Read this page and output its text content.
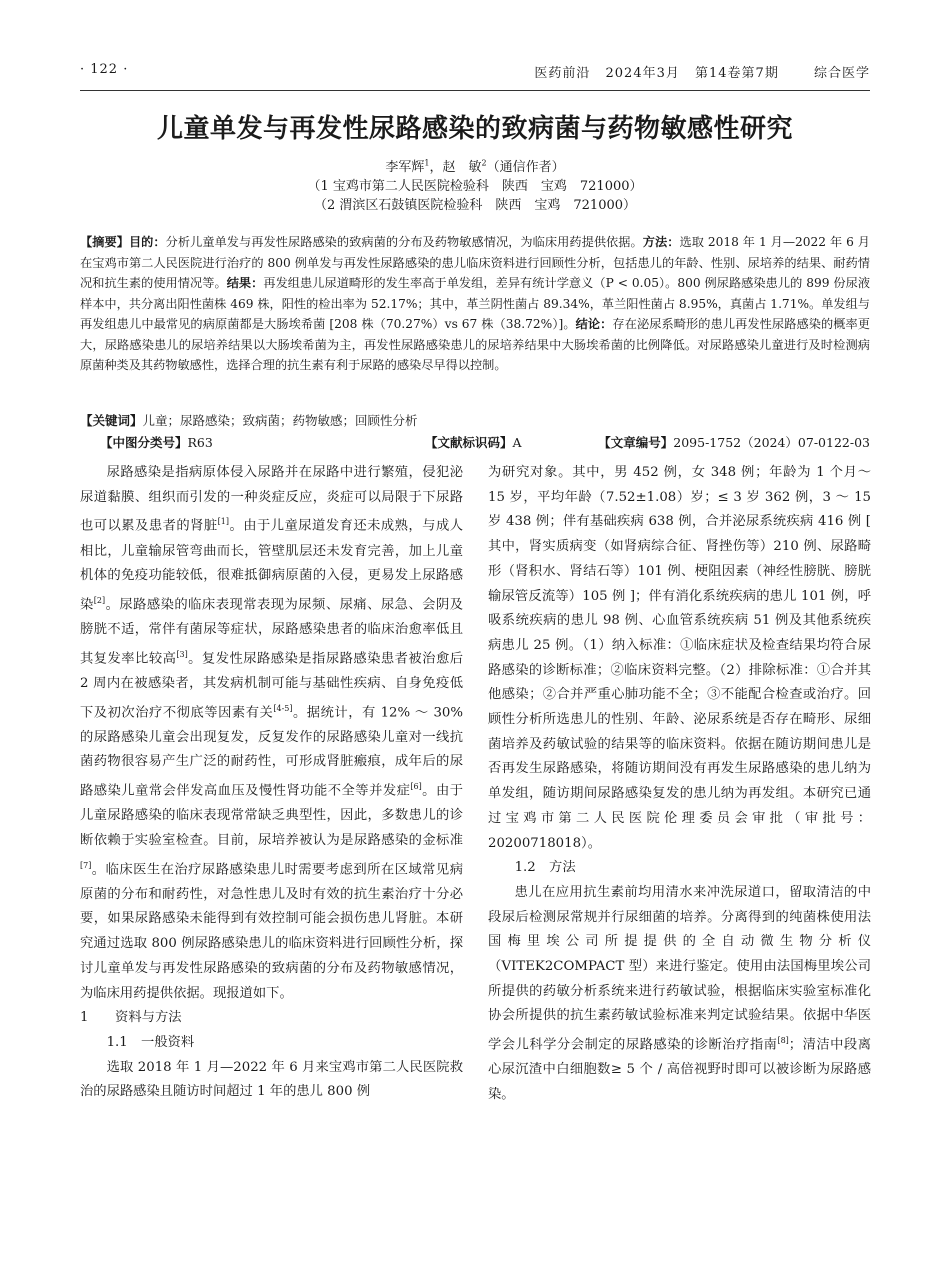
· 122 ·	医药前沿 2024年3月 第14卷第7期	综合医学
儿童单发与再发性尿路感染的致病菌与药物敏感性研究
李军辉$^1$，赵　敏$^2$（通信作者）
（1 宝鸡市第二人民医院检验科　陕西　宝鸡　721000）
（2 渭滨区石鼓镇医院检验科　陕西　宝鸡　721000）
【摘要】目的：分析儿童单发与再发性尿路感染的致病菌的分布及药物敏感情况，为临床用药提供依据。方法：选取 2018 年 1 月—2022 年 6 月在宝鸡市第二人民医院进行治疗的 800 例单发与再发性尿路感染的患儿临床资料进行回顾性分析，包括患儿的年龄、性别、尿培养的结果、耐药情况和抗生素的使用情况等。结果：再发组患儿尿道畸形的发生率高于单发组，差异有统计学意义（P < 0.05）。800 例尿路感染患儿的 899 份尿液样本中，共分离出阳性菌株 469 株，阳性的检出率为 52.17%；其中，革兰阴性菌占 89.34%，革兰阳性菌占 8.95%，真菌占 1.71%。单发组与再发组患儿中最常见的病原菌都是大肠埃希菌 [208 株（70.27%）vs 67 株（38.72%）]。结论：存在泌尿系畸形的患儿再发性尿路感染的概率更大，尿路感染患儿的尿培养结果以大肠埃希菌为主，再发性尿路感染患儿的尿培养结果中大肠埃希菌的比例降低。对尿路感染儿童进行及时检测病原菌种类及其药物敏感性，选择合理的抗生素有利于尿路的感染尽早得以控制。
【关键词】儿童；尿路感染；致病菌；药物敏感；回顾性分析
【中图分类号】R63	【文献标识码】A	【文章编号】2095-1752（2024）07-0122-03

尿路感染是指病原体侵入尿路并在尿路中进行繁殖，侵犯泌尿道黏膜、组织而引发的一种炎症反应，炎症可以局限于下尿路也可以累及患者的肾脏[1]。由于儿童尿道发育还未成熟，与成人相比，儿童输尿管弯曲而长，管壁肌层还未发育完善，加上儿童机体的免疫功能较低，很难抵御病原菌的入侵，更易发上尿路感染[2]。尿路感染的临床表现常表现为尿频、尿痛、尿急、会阴及膀胱不适，常伴有菌尿等症状，尿路感染患者的临床治愈率低且其复发率比较高[3]。复发性尿路感染是指尿路感染患者被治愈后 2 周内在被感染者，其发病机制可能与基础性疾病、自身免疫低下及初次治疗不彻底等因素有关[4-5]。据统计，有 12% ～ 30% 的尿路感染儿童会出现复发，反复发作的尿路感染儿童对一线抗菌药物很容易产生广泛的耐药性，可形成肾脏瘢痕，成年后的尿路感染儿童常会伴发高血压及慢性肾功能不全等并发症[6]。由于儿童尿路感染的临床表现常常缺乏典型性，因此，多数患儿的诊断依赖于实验室检查。目前，尿培养被认为是尿路感染的金标准[7]。临床医生在治疗尿路感染患儿时需要考虑到所在区域常见病原菌的分布和耐药性，对急性患儿及时有效的抗生素治疗十分必要，如果尿路感染未能得到有效控制可能会损伤患儿肾脏。本研究通过选取 800 例尿路感染患儿的临床资料进行回顾性分析，探讨儿童单发与再发性尿路感染的致病菌的分布及药物敏感情况，为临床用药提供依据。现报道如下。

1　　资料与方法

1.1　一般资料

选取 2018 年 1 月—2022 年 6 月来宝鸡市第二人民医院救治的尿路感染且随访时间超过 1 年的患儿 800 例

为研究对象。其中，男 452 例，女 348 例；年龄为 1 个月～ 15 岁，平均年龄（7.52±1.08）岁；≤ 3 岁 362 例，3 ～ 15 岁 438 例；伴有基础疾病 638 例，合并泌尿系统疾病 416 例 [ 其中，肾实质病变（如肾病综合征、肾挫伤等）210 例、尿路畸形（肾积水、肾结石等）101 例、梗阻因素（神经性膀胱、膀胱输尿管反流等）105 例 ]；伴有消化系统疾病的患儿 101 例，呼吸系统疾病的患儿 98 例、心血管系统疾病 51 例及其他系统疾病患儿 25 例。（1）纳入标准：①临床症状及检查结果均符合尿路感染的诊断标准；②临床资料完整。（2）排除标准：①合并其他感染；②合并严重心肺功能不全；③不能配合检查或治疗。回顾性分析所选患儿的性别、年龄、泌尿系统是否存在畸形、尿细菌培养及药敏试验的结果等的临床资料。依据在随访期间患儿是否再发生尿路感染，将随访期间没有再发生尿路感染的患儿纳为单发组，随访期间尿路感染复发的患儿纳为再发组。本研究已通过宝鸡市第二人民医院伦理委员会审批（审批号：20200718018）。

1.2　方法

患儿在应用抗生素前均用清水来冲洗尿道口，留取清洁的中段尿后检测尿常规并行尿细菌的培养。分离得到的纯菌株使用法国梅里埃公司所提提供的全自动微生物分析仪（VITEK2COMPACT 型）来进行鉴定。使用由法国梅里埃公司所提供的药敏分析系统来进行药敏试验，根据临床实验室标准化协会所提供的抗生素药敏试验标准来判定试验结果。依据中华医学会儿科学分会制定的尿路感染的诊断治疗指南[8]；清洁中段离心尿沉渣中白细胞数≥ 5 个 / 高倍视野时即可以被诊断为尿路感染。
